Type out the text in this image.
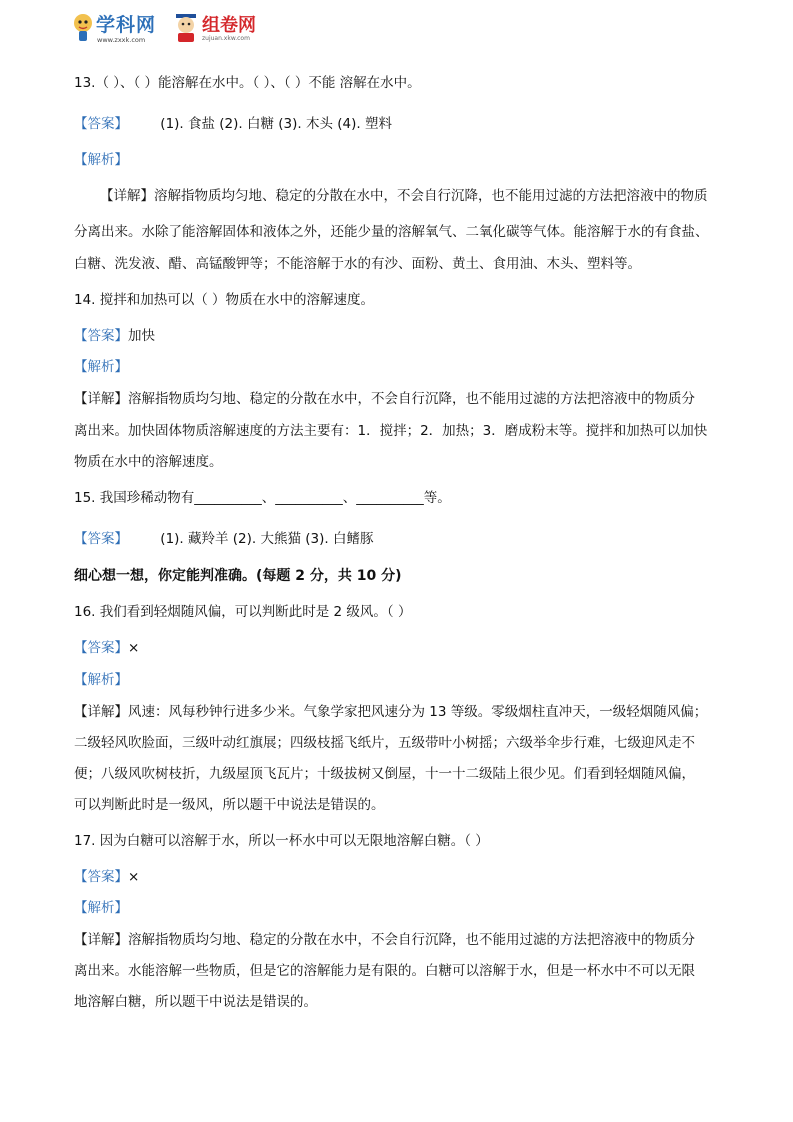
学科网
www.zxxk.com
组卷网
zujuan.xkw.com
13.（ ）、（ ）能溶解在水中。（ ）、（ ）不能 溶解在水中。
【答案】 (1). 食盐 (2). 白糖 (3). 木头 (4). 塑料
【解析】
【详解】溶解指物质均匀地、稳定的分散在水中，不会自行沉降，也不能用过滤的方法把溶液中的物质
分离出来。水除了能溶解固体和液体之外，还能少量的溶解氧气、二氧化碳等气体。能溶解于水的有食盐、
白糖、洗发液、醋、高锰酸钾等；不能溶解于水的有沙、面粉、黄土、食用油、木头、塑料等。
14. 搅拌和加热可以（ ）物质在水中的溶解速度。
【答案】加快
【解析】
【详解】溶解指物质均匀地、稳定的分散在水中，不会自行沉降，也不能用过滤的方法把溶液中的物质分
离出来。加快固体物质溶解速度的方法主要有：1．搅拌；2．加热；3．磨成粉末等。搅拌和加热可以加快
物质在水中的溶解速度。
15. 我国珍稀动物有__________、__________、__________等。
【答案】 (1). 藏羚羊 (2). 大熊猫 (3). 白鳍豚
细心想一想，你定能判准确。(每题 2 分，共 10 分)
16. 我们看到轻烟随风偏，可以判断此时是 2 级风。（ ）
【答案】×
【解析】
【详解】风速：风每秒钟行进多少米。气象学家把风速分为 13 等级。零级烟柱直冲天，一级轻烟随风偏；
二级轻风吹脸面，三级叶动红旗展；四级枝摇飞纸片，五级带叶小树摇；六级举伞步行难，七级迎风走不
便；八级风吹树枝折，九级屋顶飞瓦片；十级拔树又倒屋，十一十二级陆上很少见。们看到轻烟随风偏，
可以判断此时是一级风，所以题干中说法是错误的。
17. 因为白糖可以溶解于水，所以一杯水中可以无限地溶解白糖。（ ）
【答案】×
【解析】
【详解】溶解指物质均匀地、稳定的分散在水中，不会自行沉降，也不能用过滤的方法把溶液中的物质分
离出来。水能溶解一些物质，但是它的溶解能力是有限的。白糖可以溶解于水，但是一杯水中不可以无限
地溶解白糖，所以题干中说法是错误的。
